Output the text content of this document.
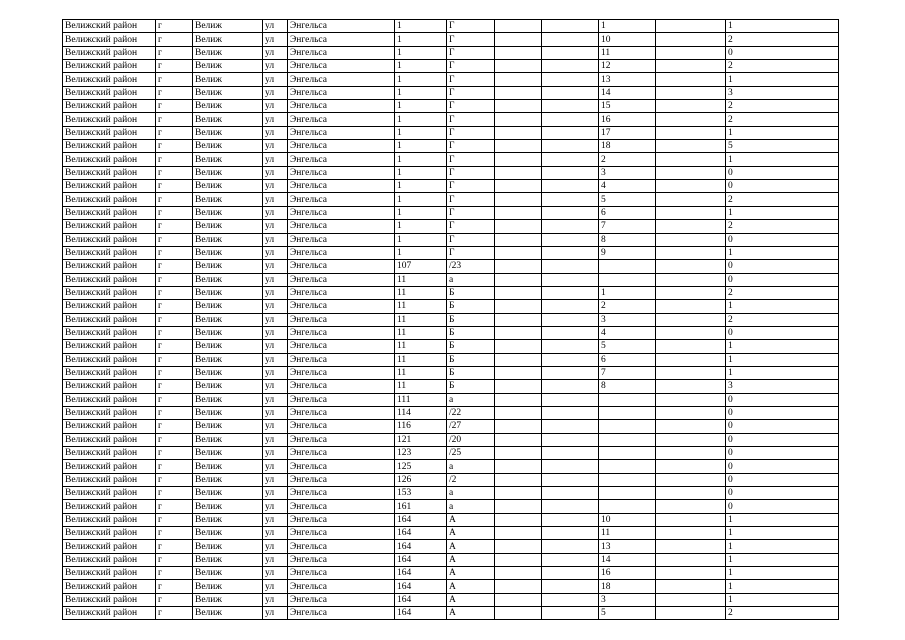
Велижский район	г	Велиж	ул	Энгельса	1	Г			1		1
Велижский район	г	Велиж	ул	Энгельса	1	Г			10		2
Велижский район	г	Велиж	ул	Энгельса	1	Г			11		0
Велижский район	г	Велиж	ул	Энгельса	1	Г			12		2
Велижский район	г	Велиж	ул	Энгельса	1	Г			13		1
Велижский район	г	Велиж	ул	Энгельса	1	Г			14		3
Велижский район	г	Велиж	ул	Энгельса	1	Г			15		2
Велижский район	г	Велиж	ул	Энгельса	1	Г			16		2
Велижский район	г	Велиж	ул	Энгельса	1	Г			17		1
Велижский район	г	Велиж	ул	Энгельса	1	Г			18		5
Велижский район	г	Велиж	ул	Энгельса	1	Г			2		1
Велижский район	г	Велиж	ул	Энгельса	1	Г			3		0
Велижский район	г	Велиж	ул	Энгельса	1	Г			4		0
Велижский район	г	Велиж	ул	Энгельса	1	Г			5		2
Велижский район	г	Велиж	ул	Энгельса	1	Г			6		1
Велижский район	г	Велиж	ул	Энгельса	1	Г			7		2
Велижский район	г	Велиж	ул	Энгельса	1	Г			8		0
Велижский район	г	Велиж	ул	Энгельса	1	Г			9		1
Велижский район	г	Велиж	ул	Энгельса	107	/23					0
Велижский район	г	Велиж	ул	Энгельса	11	а					0
Велижский район	г	Велиж	ул	Энгельса	11	Б			1		2
Велижский район	г	Велиж	ул	Энгельса	11	Б			2		1
Велижский район	г	Велиж	ул	Энгельса	11	Б			3		2
Велижский район	г	Велиж	ул	Энгельса	11	Б			4		0
Велижский район	г	Велиж	ул	Энгельса	11	Б			5		1
Велижский район	г	Велиж	ул	Энгельса	11	Б			6		1
Велижский район	г	Велиж	ул	Энгельса	11	Б			7		1
Велижский район	г	Велиж	ул	Энгельса	11	Б			8		3
Велижский район	г	Велиж	ул	Энгельса	111	а					0
Велижский район	г	Велиж	ул	Энгельса	114	/22					0
Велижский район	г	Велиж	ул	Энгельса	116	/27					0
Велижский район	г	Велиж	ул	Энгельса	121	/20					0
Велижский район	г	Велиж	ул	Энгельса	123	/25					0
Велижский район	г	Велиж	ул	Энгельса	125	а					0
Велижский район	г	Велиж	ул	Энгельса	126	/2					0
Велижский район	г	Велиж	ул	Энгельса	153	а					0
Велижский район	г	Велиж	ул	Энгельса	161	а					0
Велижский район	г	Велиж	ул	Энгельса	164	А			10		1
Велижский район	г	Велиж	ул	Энгельса	164	А			11		1
Велижский район	г	Велиж	ул	Энгельса	164	А			13		1
Велижский район	г	Велиж	ул	Энгельса	164	А			14		1
Велижский район	г	Велиж	ул	Энгельса	164	А			16		1
Велижский район	г	Велиж	ул	Энгельса	164	А			18		1
Велижский район	г	Велиж	ул	Энгельса	164	А			3		1
Велижский район	г	Велиж	ул	Энгельса	164	А			5		2
